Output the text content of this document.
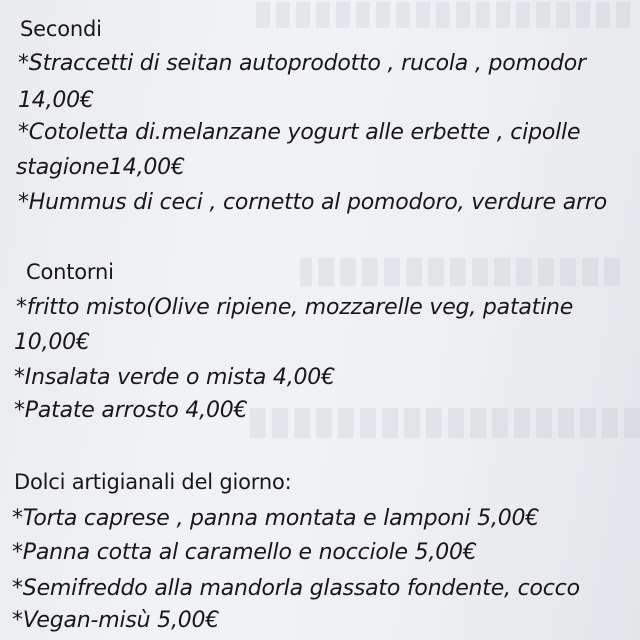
Secondi
*Straccetti di seitan autoprodotto , rucola , pomodor
14,00€
*Cotoletta di.melanzane yogurt alle erbette , cipolle
stagione14,00€
*Hummus di ceci , cornetto al pomodoro, verdure arro
Contorni
*fritto misto(Olive ripiene, mozzarelle veg, patatine
10,00€
*Insalata verde o mista 4,00€
*Patate arrosto 4,00€
Dolci artigianali del giorno:
*Torta caprese , panna montata e lamponi 5,00€
*Panna cotta al caramello e nocciole 5,00€
*Semifreddo alla mandorla glassato fondente, cocco
*Vegan-misù 5,00€
